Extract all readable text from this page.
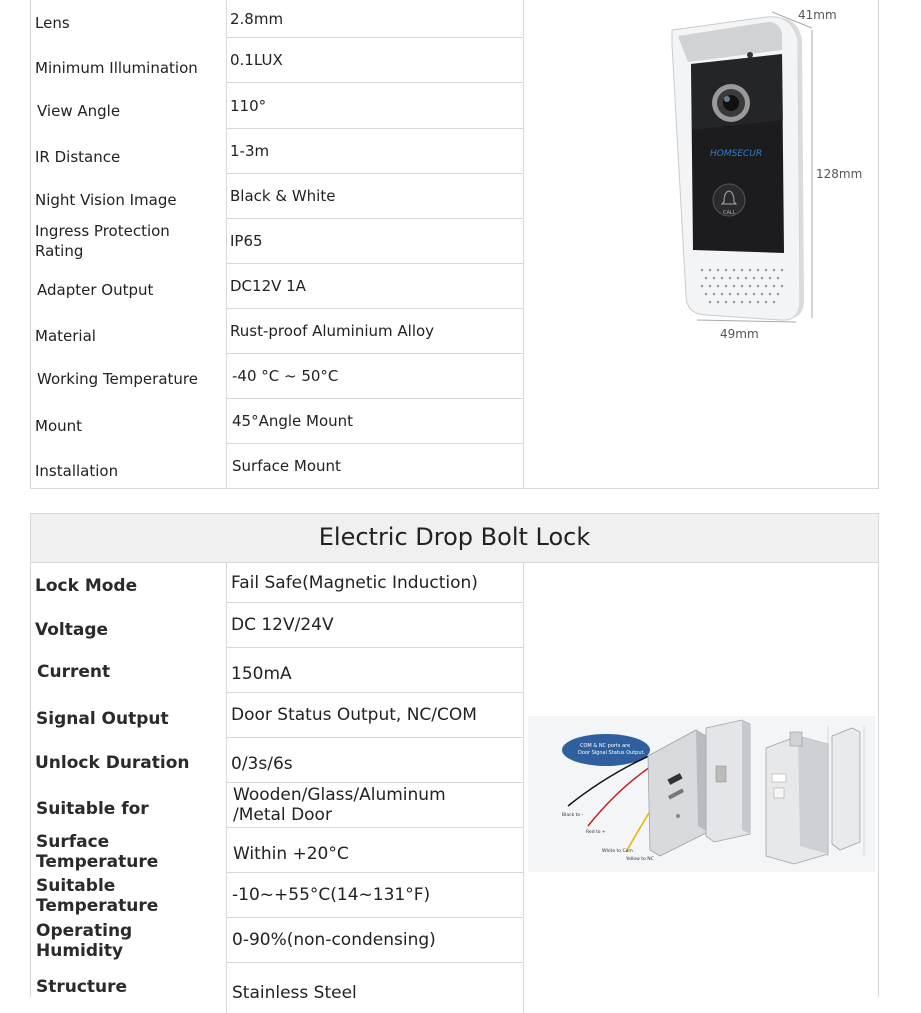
Lens
Minimum Illumination
View Angle
IR Distance
Night Vision Image
Ingress Protection Rating
Adapter Output
Material
Working Temperature
Mount
Installation
2.8mm
0.1LUX
110°
1-3m
Black & White
IP65
DC12V 1A
Rust-proof Aluminium Alloy
-40 °C ~ 50°C
45°Angle Mount
Surface Mount
41mm
128mm
49mm
HOMSECUR
CALL
Electric Drop Bolt Lock
Lock Mode
Voltage
Current
Signal Output
Unlock Duration
Suitable for
Surface Temperature
Suitable Temperature
Operating Humidity
Structure
Fail Safe(Magnetic Induction)
DC 12V/24V
150mA
Door Status Output, NC/COM
0/3s/6s
Wooden/Glass/Aluminum /Metal Door
Within +20°C
-10~+55°C(14~131°F)
0-90%(non-condensing)
Stainless Steel
COM & NC ports are
Door Signal Status Output.
Black to -
Red to +
White to Com
Yellow to NC
